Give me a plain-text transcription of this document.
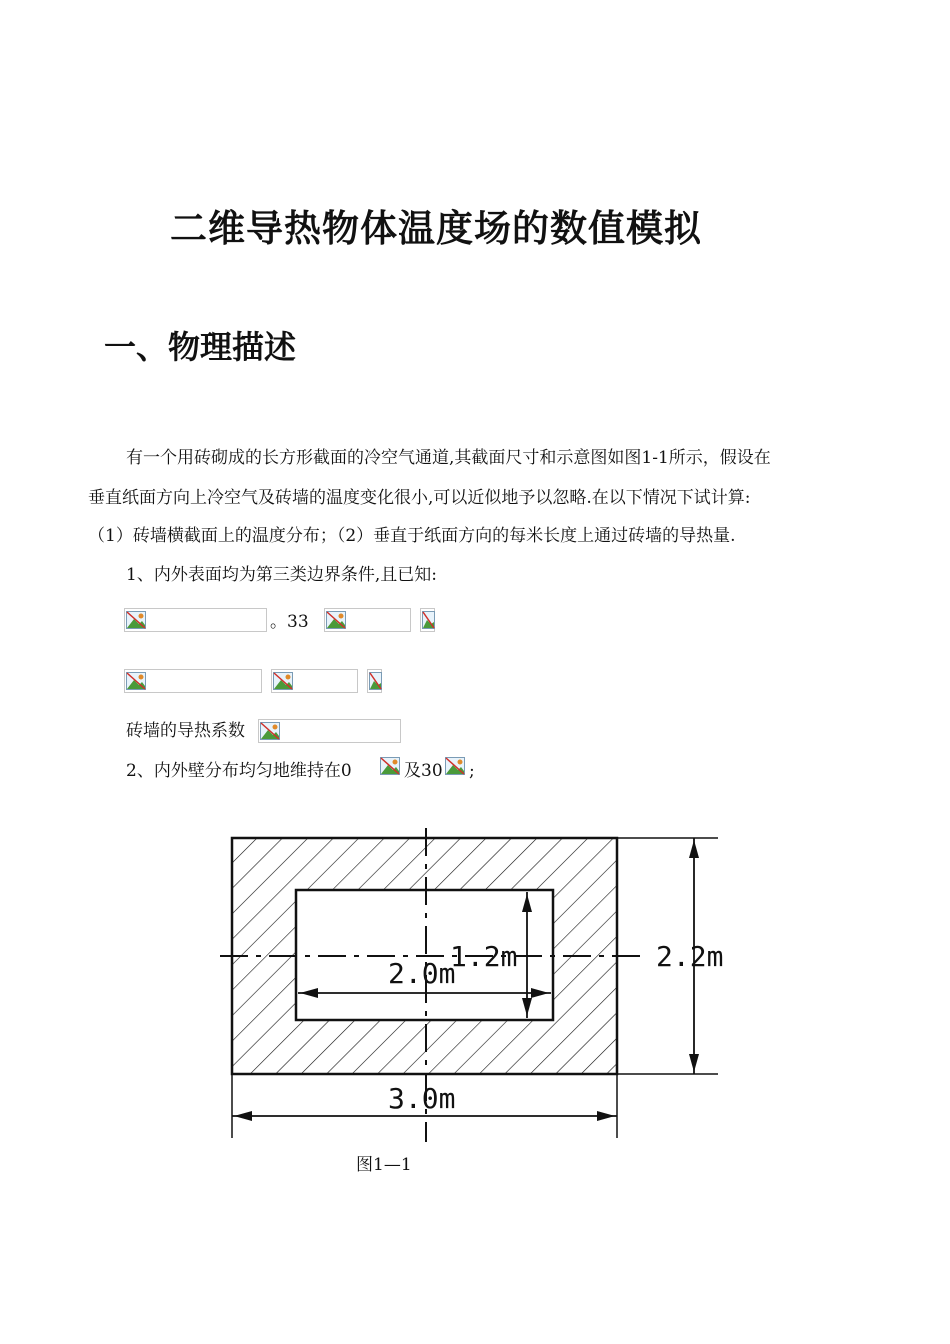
二维导热物体温度场的数值模拟
一、物理描述
有一个用砖砌成的长方形截面的冷空气通道,其截面尺寸和示意图如图1-1所示，假设在
垂直纸面方向上冷空气及砖墙的温度变化很小,可以近似地予以忽略.在以下情况下试计算:
（1）砖墙横截面上的温度分布；（2）垂直于纸面方向的每米长度上通过砖墙的导热量.
1、内外表面均为第三类边界条件,且已知:
。33
砖墙的导热系数
2、内外壁分布均匀地维持在0	及30 ;
1.2m
2.0m
2.2m
3.0m
图1—1
